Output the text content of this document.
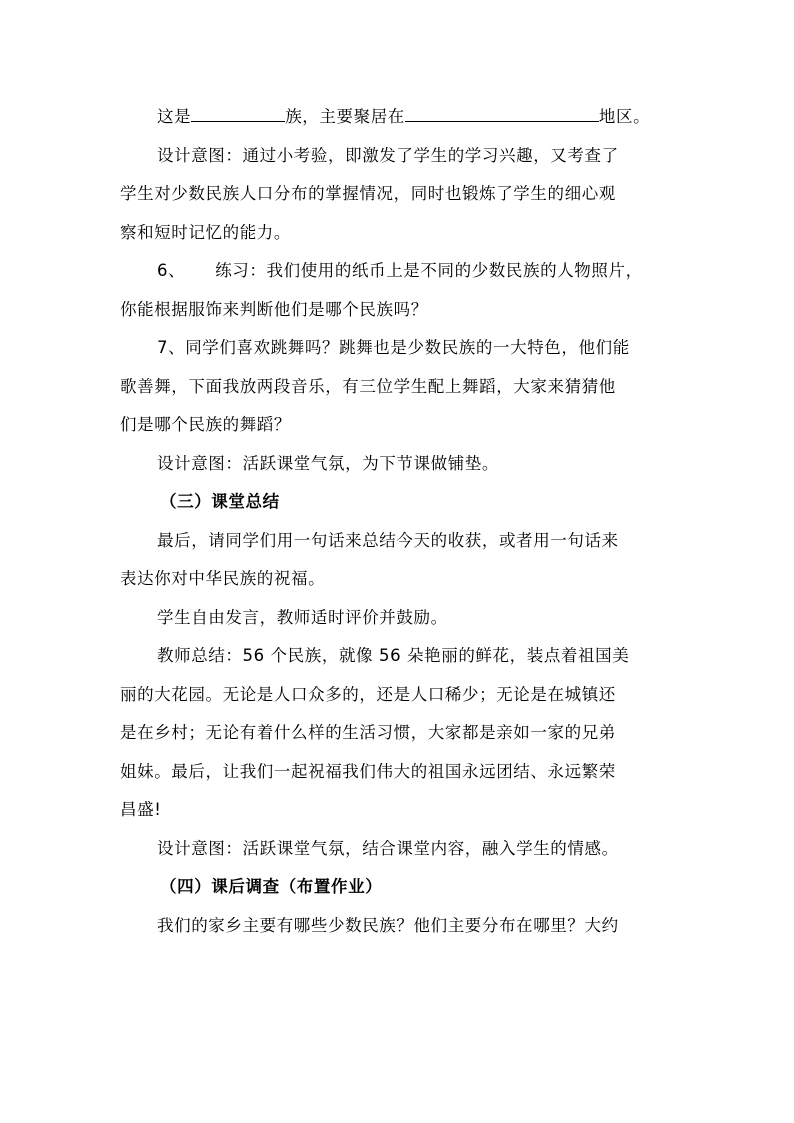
这是	族，主要聚居在	地区。

设计意图：通过小考验，即激发了学生的学习兴趣，又考查了

学生对少数民族人口分布的掌握情况，同时也锻炼了学生的细心观

察和短时记忆的能力。

6、 练习：我们使用的纸币上是不同的少数民族的人物照片，

你能根据服饰来判断他们是哪个民族吗？

7、同学们喜欢跳舞吗？跳舞也是少数民族的一大特色，他们能

歌善舞，下面我放两段音乐，有三位学生配上舞蹈，大家来猜猜他

们是哪个民族的舞蹈？

设计意图：活跃课堂气氛，为下节课做铺垫。

（三）课堂总结

最后，请同学们用一句话来总结今天的收获，或者用一句话来

表达你对中华民族的祝福。

学生自由发言，教师适时评价并鼓励。

教师总结：56 个民族，就像 56 朵艳丽的鲜花，装点着祖国美

丽的大花园。无论是人口众多的，还是人口稀少；无论是在城镇还

是在乡村；无论有着什么样的生活习惯，大家都是亲如一家的兄弟

姐妹。最后，让我们一起祝福我们伟大的祖国永远团结、永远繁荣

昌盛!

设计意图：活跃课堂气氛，结合课堂内容，融入学生的情感。

（四）课后调查（布置作业）

我们的家乡主要有哪些少数民族？他们主要分布在哪里？大约
